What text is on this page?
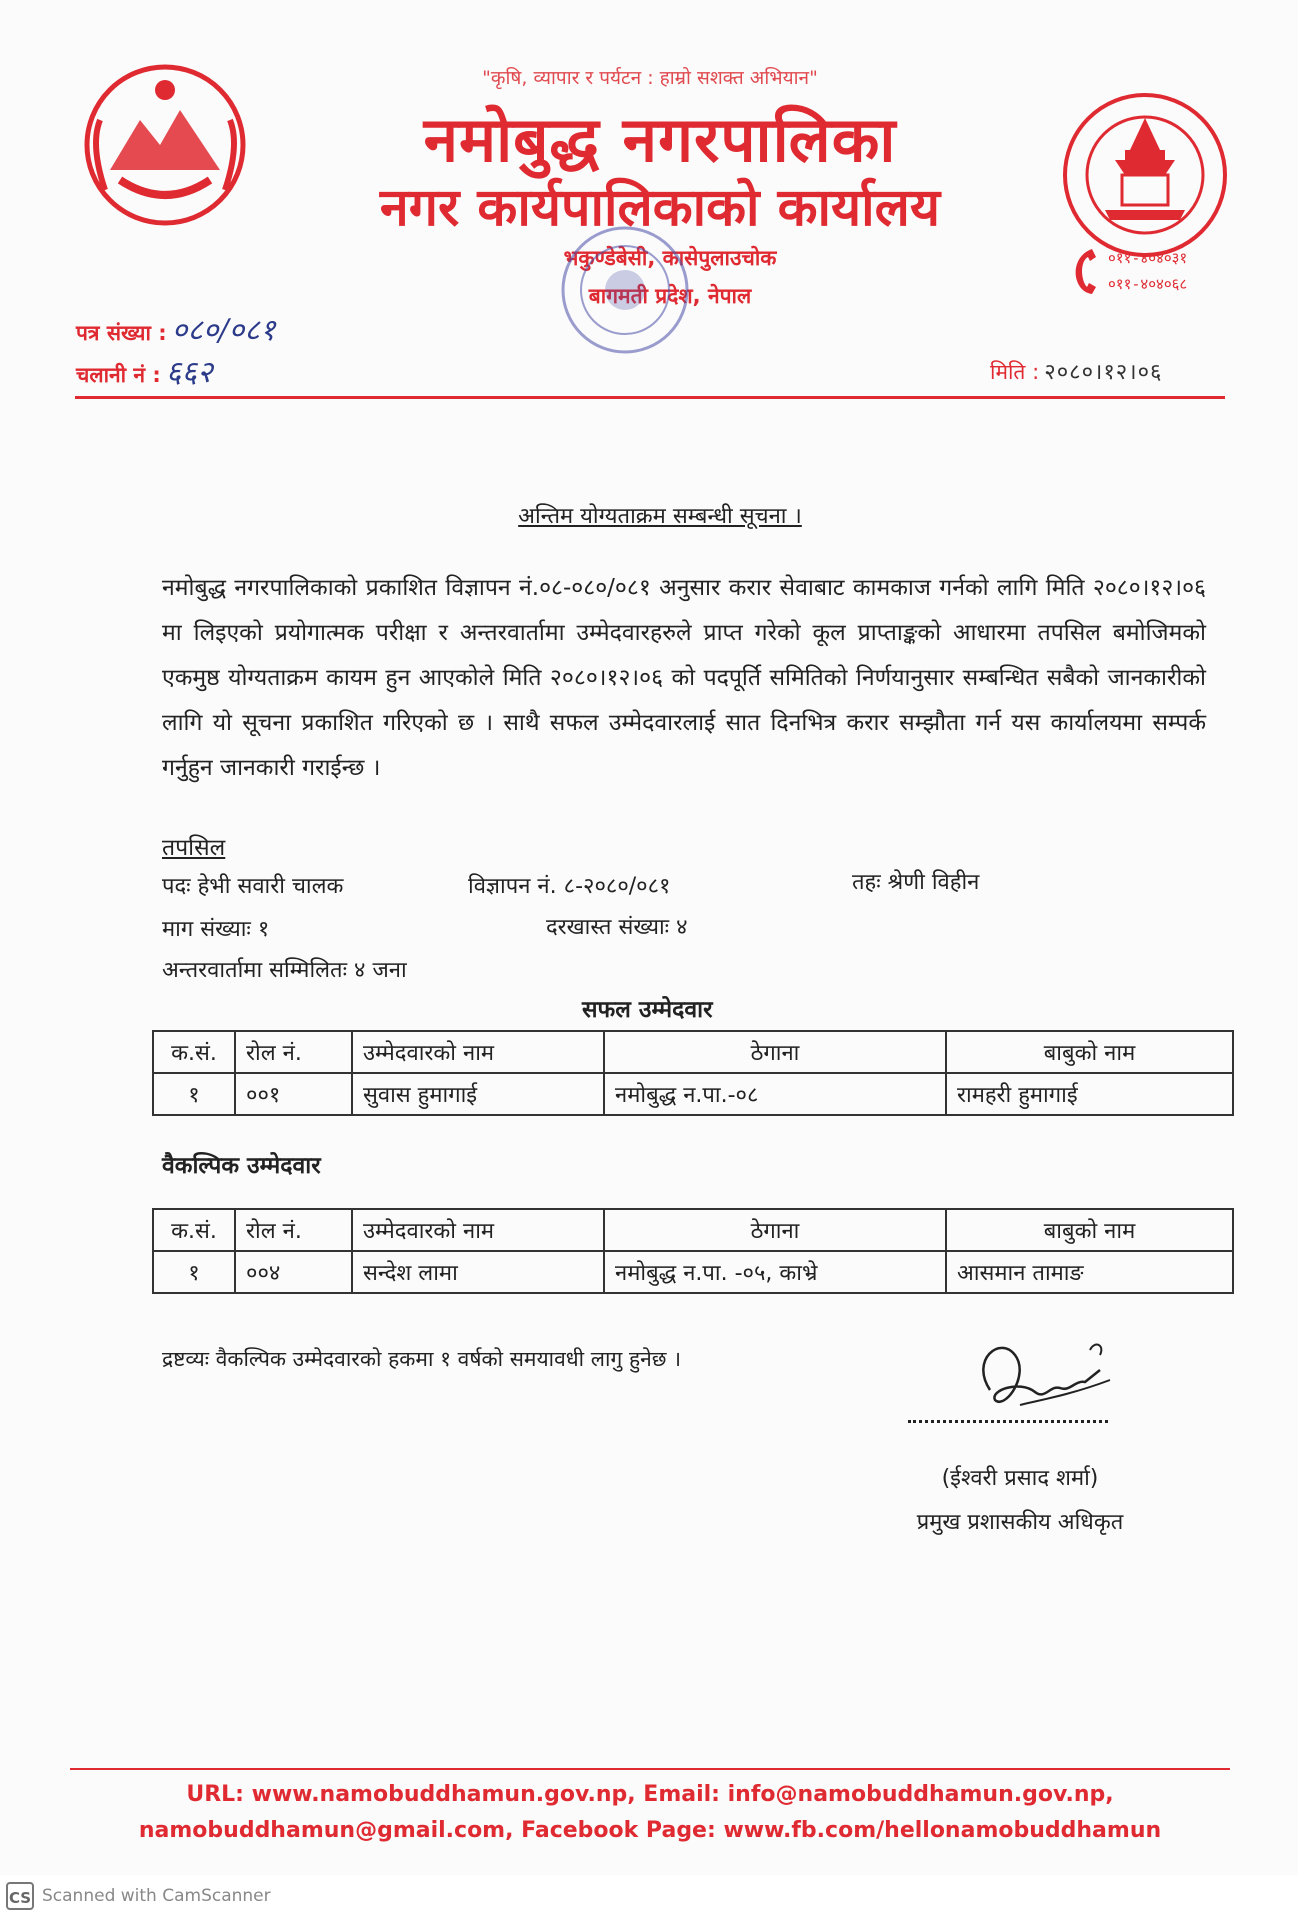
०११-४०४०३१
०११-४०४०६८
"कृषि, व्यापार र पर्यटन : हाम्रो सशक्त अभियान"
नमोबुद्ध नगरपालिका
नगर कार्यपालिकाको कार्यालय
भकुण्डेबेसी, कासेपुलाउचोक
बागमती प्रदेश, नेपाल
पत्र संख्या : ०८०/०८१
चलानी नं : ६६२	मिति : २०८०।१२।०६
अन्तिम योग्यताक्रम सम्बन्धी सूचना ।
नमोबुद्ध नगरपालिकाको प्रकाशित विज्ञापन नं.०८-०८०/०८१ अनुसार करार सेवाबाट कामकाज गर्नको लागि मिति २०८०।१२।०६ मा लिइएको प्रयोगात्मक परीक्षा र अन्तरवार्तामा उम्मेदवारहरुले प्राप्त गरेको कूल प्राप्ताङ्कको आधारमा तपसिल बमोजिमको एकमुष्ठ योग्यताक्रम कायम हुन आएकोले मिति २०८०।१२।०६ को पदपूर्ति समितिको निर्णयानुसार सम्बन्धित सबैको जानकारीको लागि यो सूचना प्रकाशित गरिएको छ । साथै सफल उम्मेदवारलाई सात दिनभित्र करार सम्झौता गर्न यस कार्यालयमा सम्पर्क गर्नुहुन जानकारी गराईन्छ ।
तपसिल
पदः हेभी सवारी चालक	विज्ञापन नं. ८-२०८०/०८१	तहः श्रेणी विहीन
माग संख्याः १	दरखास्त संख्याः ४
अन्तरवार्तामा सम्मिलितः ४ जना
सफल उम्मेदवार
क.सं.	रोल नं.	उम्मेदवारको नाम	ठेगाना	बाबुको नाम
१	००१	सुवास हुमागाई	नमोबुद्ध न.पा.-०८	रामहरी हुमागाई
वैकल्पिक उम्मेदवार
क.सं.	रोल नं.	उम्मेदवारको नाम	ठेगाना	बाबुको नाम
१	००४	सन्देश लामा	नमोबुद्ध न.पा. -०५, काभ्रे	आसमान तामाङ
द्रष्टव्यः वैकल्पिक उम्मेदवारको हकमा १ वर्षको समयावधी लागु हुनेछ ।
(ईश्वरी प्रसाद शर्मा)
प्रमुख प्रशासकीय अधिकृत
URL: www.namobuddhamun.gov.np, Email: info@namobuddhamun.gov.np,
namobuddhamun@gmail.com, Facebook Page: www.fb.com/hellonamobuddhamun
CS Scanned with CamScanner
